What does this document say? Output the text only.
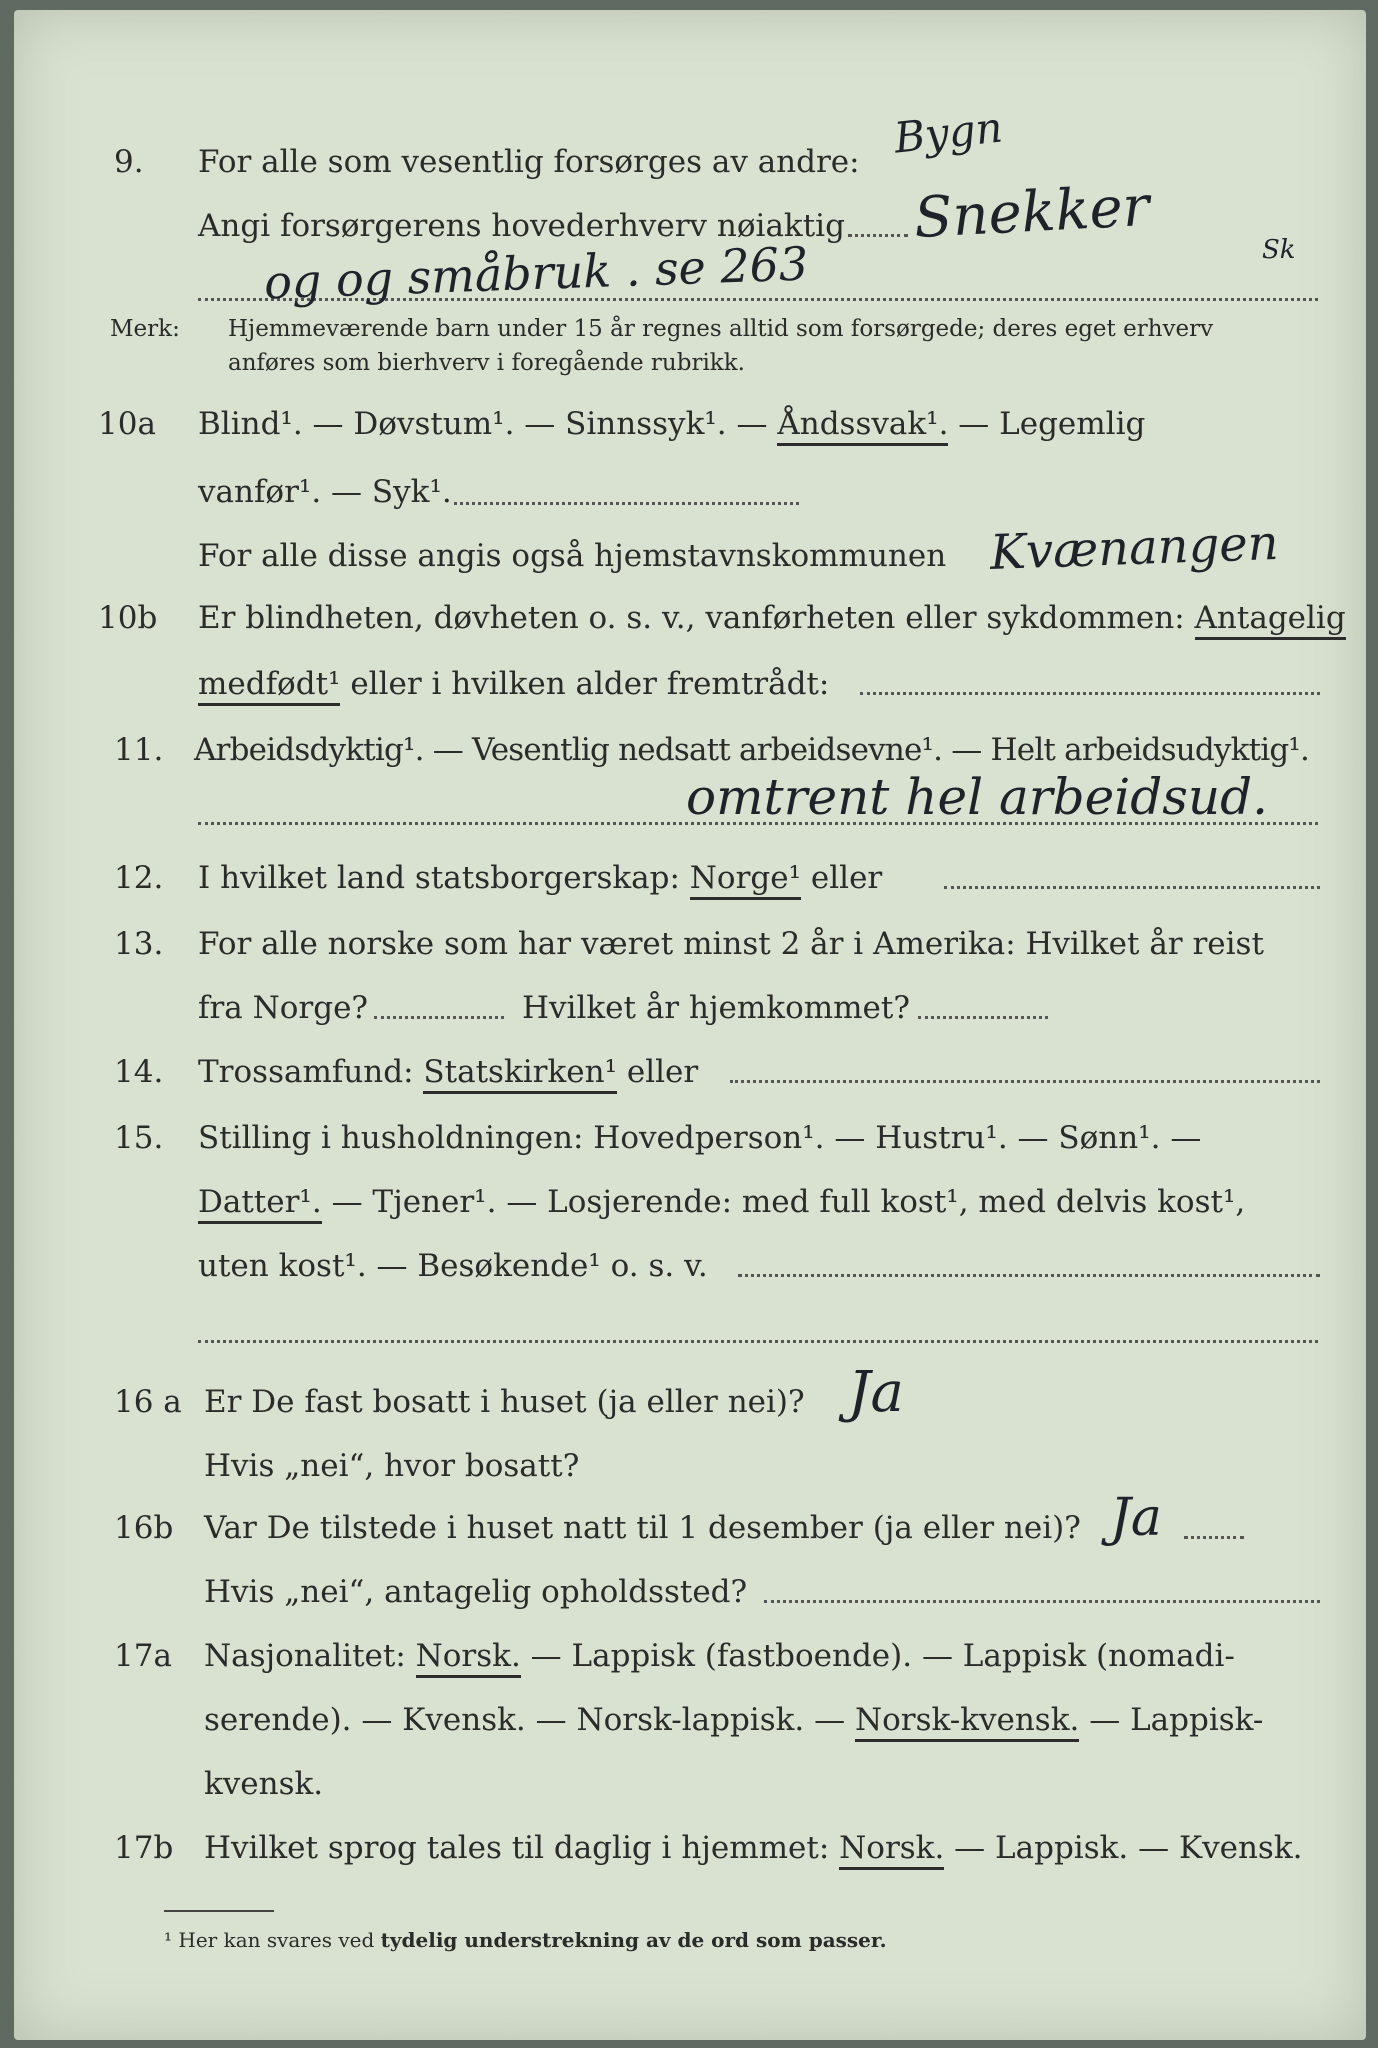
9. For alle som vesentlig forsørges av andre: Bygn
Angi forsørgerens hovederhverv nøiaktig Snekker	Sk
og og småbruk . se 263
Merk: Hjemmeværende barn under 15 år regnes alltid som forsørgede; deres eget erhverv
anføres som bierhverv i foregående rubrikk.
10a Blind¹. — Døvstum¹. — Sinnssyk¹. — Åndssvak¹. — Legemlig
vanfør¹. — Syk¹.
For alle disse angis også hjemstavnskommunen Kvænangen
10b Er blindheten, døvheten o. s. v., vanførheten eller sykdommen: Antagelig
medfødt¹ eller i hvilken alder fremtrådt:
11. Arbeidsdyktig¹. — Vesentlig nedsatt arbeidsevne¹. — Helt arbeidsudyktig¹.
omtrent hel arbeidsud.
12. I hvilket land statsborgerskap: Norge¹ eller
13. For alle norske som har været minst 2 år i Amerika: Hvilket år reist
fra Norge?	Hvilket år hjemkommet?
14. Trossamfund: Statskirken¹ eller
15. Stilling i husholdningen: Hovedperson¹. — Hustru¹. — Sønn¹. —
Datter¹. — Tjener¹. — Losjerende: med full kost¹, med delvis kost¹,
uten kost¹. — Besøkende¹ o. s. v.
16 a Er De fast bosatt i huset (ja eller nei)? Ja
Hvis „nei“, hvor bosatt?
16b Var De tilstede i huset natt til 1 desember (ja eller nei)? Ja
Hvis „nei“, antagelig opholdssted?
17a Nasjonalitet: Norsk. — Lappisk (fastboende). — Lappisk (nomadi-
serende). — Kvensk. — Norsk-lappisk. — Norsk-kvensk. — Lappisk-
kvensk.
17b Hvilket sprog tales til daglig i hjemmet: Norsk. — Lappisk. — Kvensk.
¹ Her kan svares ved tydelig understrekning av de ord som passer.
